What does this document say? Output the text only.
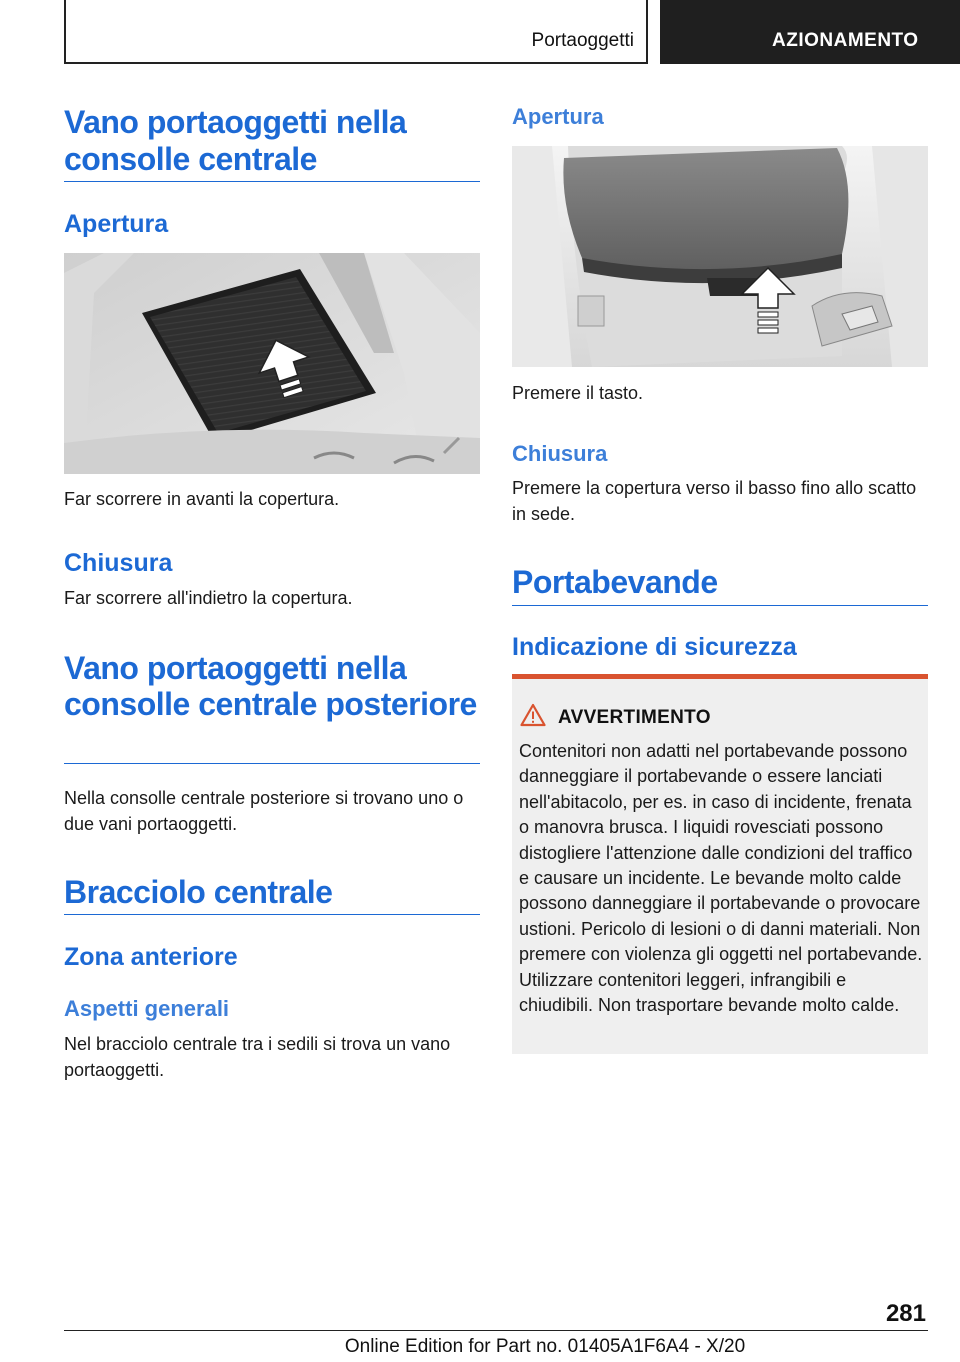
Portaoggetti	AZIONAMENTO
Vano portaoggetti nella consolle centrale
Apertura

Far scorrere in avanti la copertura.

Chiusura

Far scorrere all'indietro la copertura.

Vano portaoggetti nella consolle centrale posteriore

Nella consolle centrale posteriore si trovano uno o due vani portaoggetti.

Bracciolo centrale
Zona anteriore
Aspetti generali

Nel bracciolo centrale tra i sedili si trova un vano portaoggetti.

Apertura

Premere il tasto.

Chiusura

Premere la copertura verso il basso fino allo scatto in sede.

Portabevande
Indicazione di sicurezza
AVVERTIMENTO

Contenitori non adatti nel portabevande possono danneggiare il portabevande o essere lanciati nell'abitacolo, per es. in caso di incidente, frenata o manovra brusca. I liquidi rovesciati possono distogliere l'attenzione dalle condizioni del traffico e causare un incidente. Le bevande molto calde possono danneggiare il portabevande o provocare ustioni. Pericolo di lesioni o di danni materiali. Non premere con violenza gli oggetti nel portabevande. Utilizzare contenitori leggeri, infrangibili e chiudibili. Non trasportare bevande molto calde.

281
Online Edition for Part no. 01405A1F6A4 - X/20
